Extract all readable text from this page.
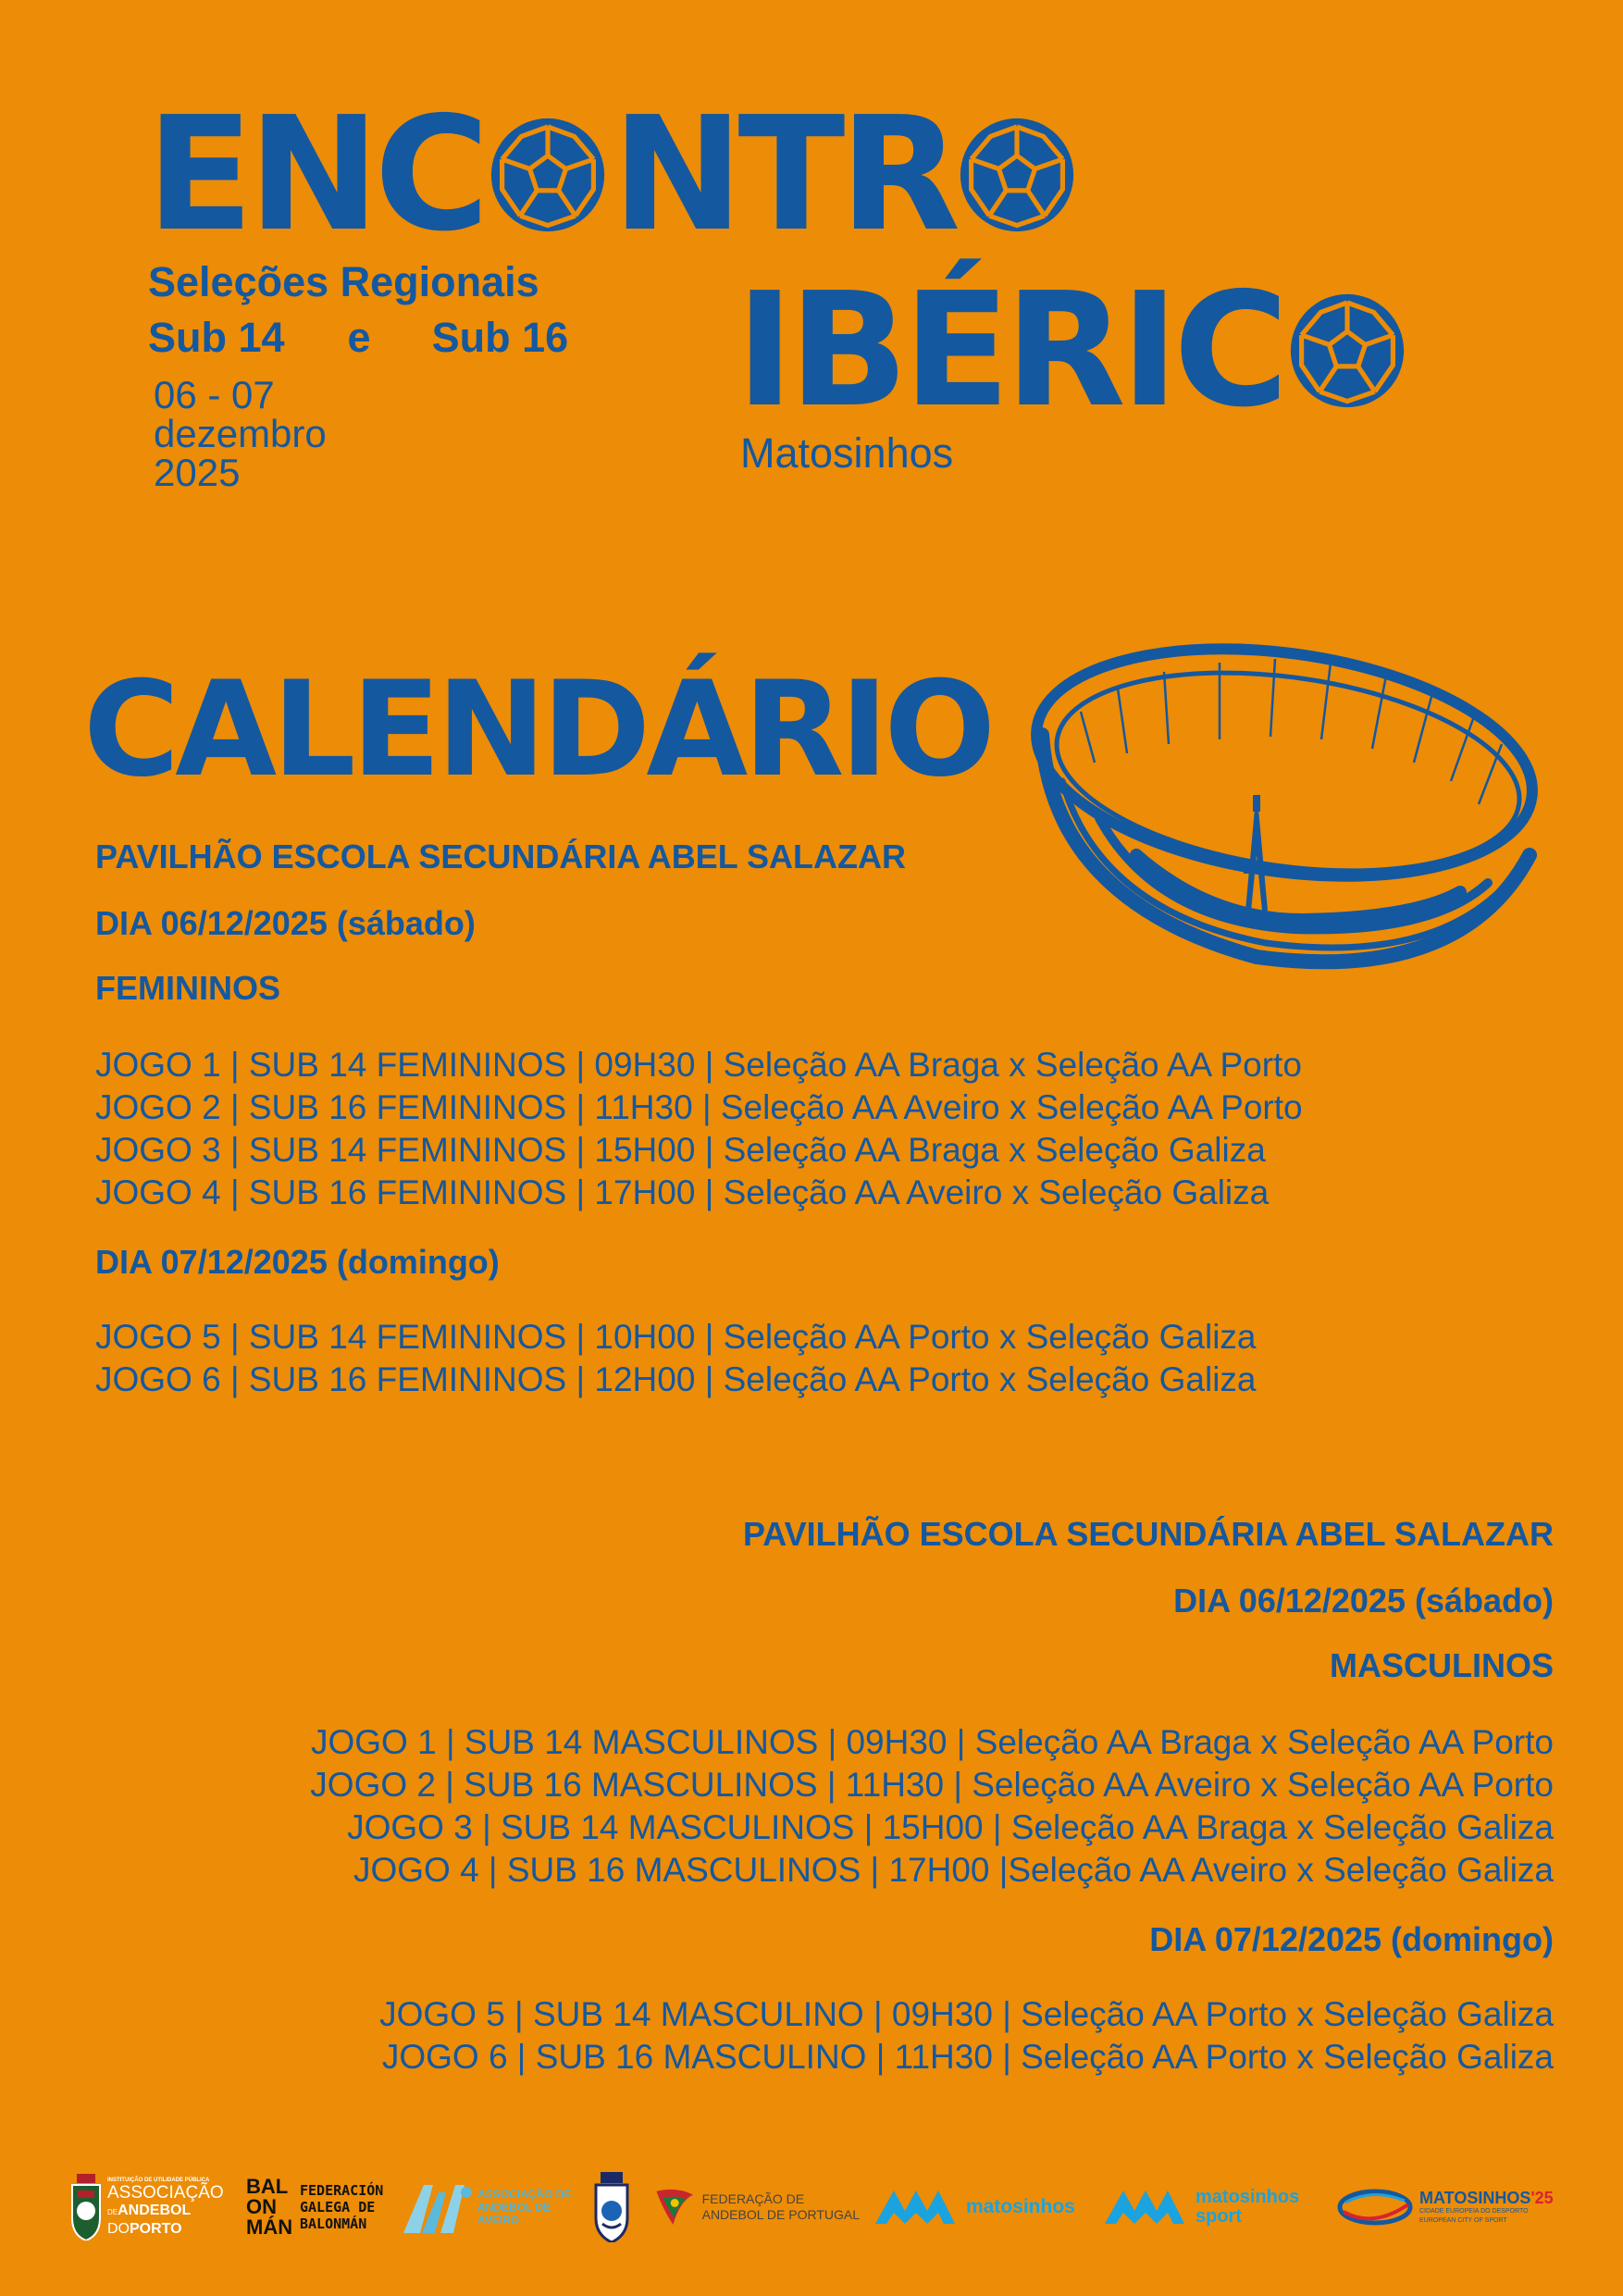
ENC NTR
Seleções Regionais
Sub 14 e Sub 16
06 - 07
dezembro
2025
IBÉRIC
Matosinhos
CALENDÁRIO
PAVILHÃO ESCOLA SECUNDÁRIA ABEL SALAZAR
DIA 06/12/2025 (sábado)
FEMININOS
JOGO 1 | SUB 14 FEMININOS | 09H30 | Seleção AA Braga x Seleção AA Porto
JOGO 2 | SUB 16 FEMININOS | 11H30 | Seleção AA Aveiro x Seleção AA Porto
JOGO 3 | SUB 14 FEMININOS | 15H00 | Seleção AA Braga x Seleção Galiza
JOGO 4 | SUB 16 FEMININOS | 17H00 | Seleção AA Aveiro x Seleção Galiza
DIA 07/12/2025 (domingo)
JOGO 5 | SUB 14 FEMININOS | 10H00 | Seleção AA Porto x Seleção Galiza
JOGO 6 | SUB 16 FEMININOS | 12H00 | Seleção AA Porto x Seleção Galiza
PAVILHÃO ESCOLA SECUNDÁRIA ABEL SALAZAR
DIA 06/12/2025 (sábado)
MASCULINOS
JOGO 1 | SUB 14 MASCULINOS | 09H30 | Seleção AA Braga x Seleção AA Porto
JOGO 2 | SUB 16 MASCULINOS | 11H30 | Seleção AA Aveiro x Seleção AA Porto
JOGO 3 | SUB 14 MASCULINOS | 15H00 | Seleção AA Braga x Seleção Galiza
JOGO 4 | SUB 16 MASCULINOS | 17H00 |Seleção AA Aveiro x Seleção Galiza
DIA 07/12/2025 (domingo)
JOGO 5 | SUB 14 MASCULINO | 09H30 | Seleção AA Porto x Seleção Galiza
JOGO 6 | SUB 16 MASCULINO | 11H30 | Seleção AA Porto x Seleção Galiza
INSTITUIÇÃO DE UTILIDADE PÚBLICA
ASSOCIAÇÃO
DEANDEBOL
DOPORTO
BALON MÁN
FEDERACIÓN
GALEGA DE
BALONMÁN
ASSOCIAÇÃO DE
ANDEBOL DE
AVEIRO
FEDERAÇÃO DE
ANDEBOL DE PORTUGAL	matosinhos	matosinhos
sport
MATOSINHOS'25
CIDADE EUROPEIA DO DESPORTO
EUROPEAN CITY OF SPORT
